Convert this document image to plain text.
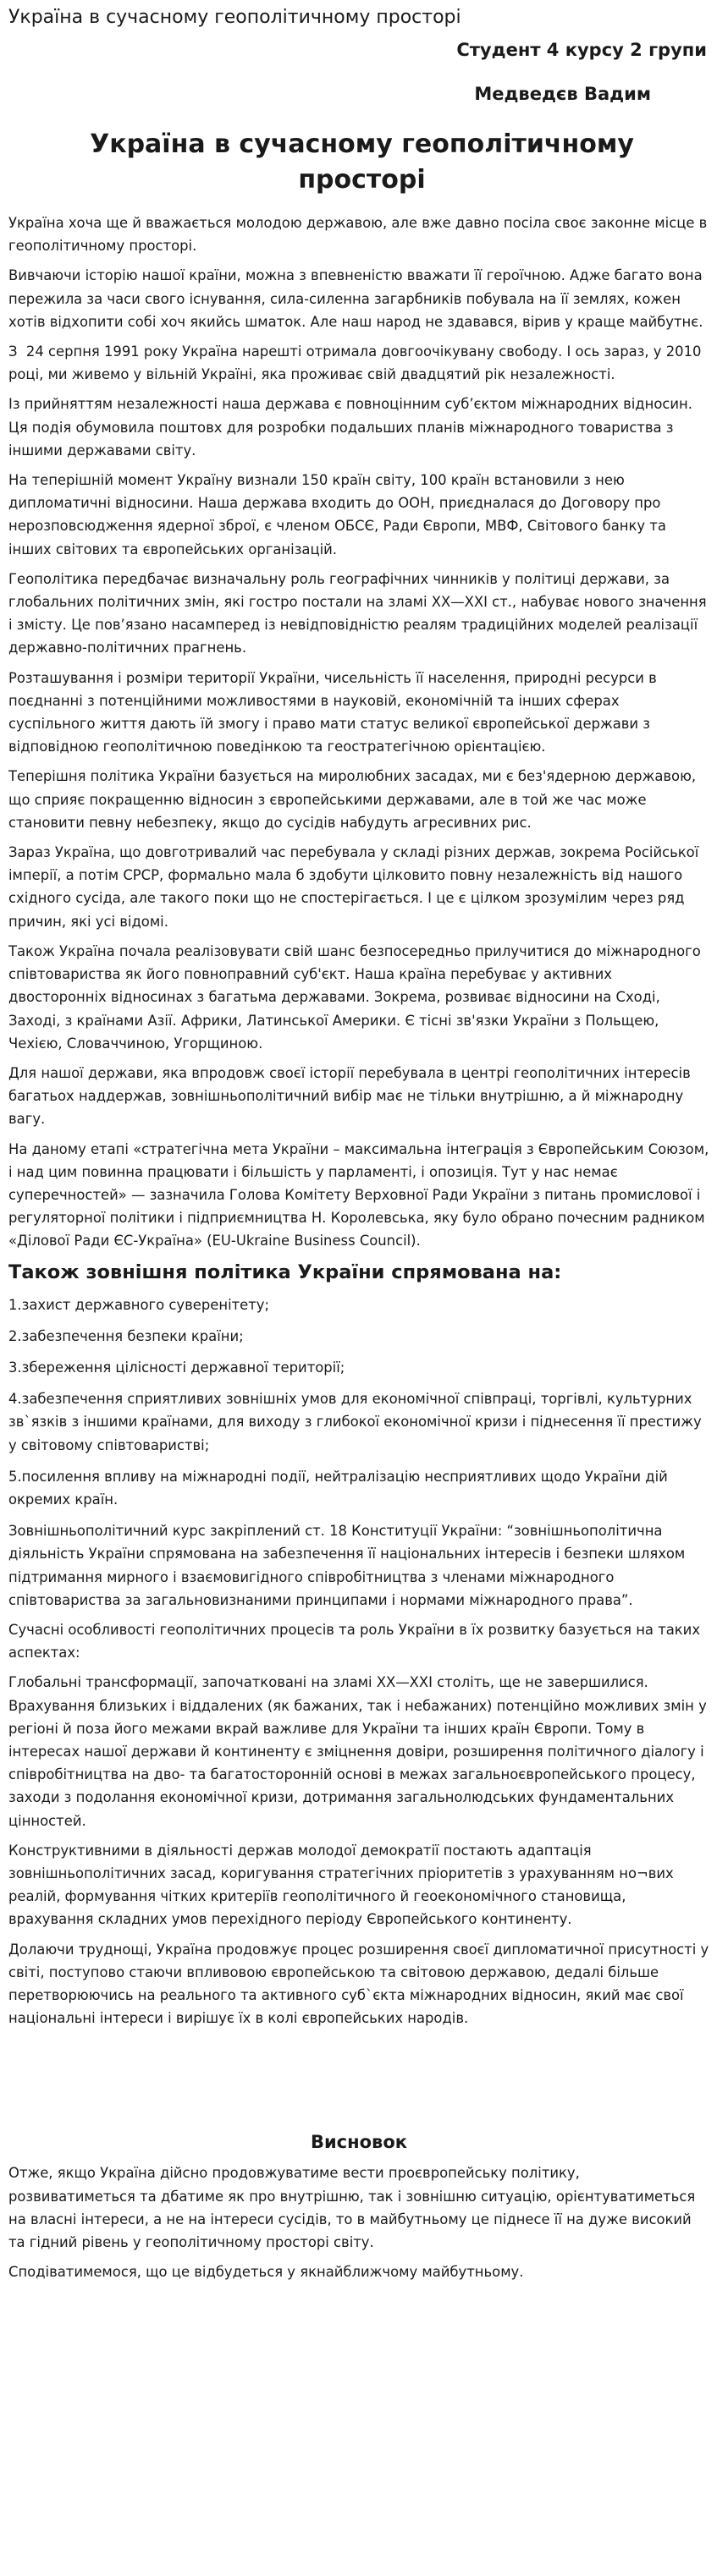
Україна в сучасному геополітичному просторі
Студент 4 курсу 2 групи
Медведєв Вадим
Україна в сучасному геополітичному просторі

Україна хоча ще й вважається молодою державою, але вже давно посіла своє законне місце в геополітичному просторі.

Вивчаючи історію нашої країни, можна з впевненістю вважати її героїчною. Адже багато вона пережила за часи свого існування, сила-силенна загарбників побувала на її землях, кожен хотів відхопити собі хоч якийсь шматок. Але наш народ не здавався, вірив у краще майбутнє.

З  24 серпня 1991 року Україна нарешті отримала довгоочікувану свободу. І ось зараз, у 2010 році, ми живемо у вільній Україні, яка проживає свій двадцятий рік незалежності.

Із прийняттям незалежності наша держава є повноцінним суб’єктом міжнародних відносин. Ця подія обумовила поштовх для розробки подальших планів міжнародного товариства з іншими державами світу.

На теперішній момент Україну визнали 150 країн світу, 100 країн встановили з нею дипломатичні відносини. Наша держава входить до ООН, приєдналася до Договору про нерозповсюдження ядерної зброї, є членом ОБСЄ, Ради Європи, МВФ, Світового банку та інших світових та європейських організацій.

Геополітика передбачає визначальну роль географічних чинників у політиці держави, за глобальних політичних змін, які гостро постали на зламі XX—XXI ст., набуває нового значення і змісту. Це пов’язано насамперед із невідповідністю реалям традиційних моделей реалізації державно-політичних прагнень.

Розташування і розміри території України, чисельність її населення, природні ресурси в поєднанні з потенційними можливостями в науковій, економічній та інших сферах суспільного життя дають їй змогу і право мати статус великої європейської держави з відповідною геополітичною поведінкою та геостратегічною орієнтацією.

Теперішня політика України базується на миролюбних засадах, ми є без'ядерною державою, що сприяє покращенню відносин з європейськими державами, але в той же час може становити певну небезпеку, якщо до сусідів набудуть агресивних рис.

Зараз Україна, що довготривалий час перебувала у складі різних держав, зокрема Російської імперії, а потім СРСР, формально мала б здобути цілковито повну незалежність від нашого східного сусіда, але такого поки що не спостерігається. І це є цілком зрозумілим через ряд причин, які усі відомі.

Також Україна почала реалізовувати свій шанс безпосередньо прилучитися до міжнародного співтовариства як його повноправний суб'єкт. Наша країна перебуває у активних двосторонніх відносинах з багатьма державами. Зокрема, розвиває відносини на Сході, Заході, з країнами Азії. Африки, Латинської Америки. Є тісні зв'язки України з Польщею, Чехією, Словаччиною, Угорщиною.

Для нашої держави, яка впродовж своєї історії перебувала в центрі геополітичних інтересів багатьох наддержав, зовнішньополітичний вибір має не тільки внутрішню, а й міжнародну вагу.

На даному етапі «стратегічна мета України – максимальна інтеграція з Європейським Союзом, і над цим повинна працювати і більшість у парламенті, і опозиція. Тут у нас немає суперечностей» — зазначила Голова Комітету Верховної Ради України з питань промислової і регуляторної політики і підприємництва Н. Королевська, яку було обрано почесним радником «Ділової Ради ЄС-Україна» (EU-Ukraine Business Council).

Також зовнішня політика України спрямована на:

1.захист державного суверенітету;

2.забезпечення безпеки країни;

3.збереження цілісності державної території;

4.забезпечення сприятливих зовнішніх умов для економічної співпраці, торгівлі, культурних зв`язків з іншими країнами, для виходу з глибокої економічної кризи і піднесення її престижу у світовому співтоваристві;

5.посилення впливу на міжнародні події, нейтралізацію несприятливих щодо України дій окремих країн.

Зовнішньополітичний курс закріплений ст. 18 Конституції України: “зовнішньополітична діяльність України спрямована на забезпечення її національних інтересів і безпеки шляхом підтримання мирного і взаємовигідного співробітництва з членами міжнародного співтовариства за загальновизнаними принципами і нормами міжнародного права”.

Сучасні особливості геополітичних процесів та роль України в їх розвитку базується на таких аспектах:

Глобальні трансформації, започатковані на зламі XX—XXI століть, ще не завершилися. Врахування близьких і віддалених (як бажаних, так і небажаних) потенційно можливих змін у регіоні й поза його межами вкрай важливе для України та інших країн Європи. Тому в інтересах нашої держави й континенту є зміцнення довіри, розширення політичного діалогу і співробітництва на дво- та багатосторонній основі в межах загальноєвропейського процесу, заходи з подолання економічної кризи, дотримання загальнолюдських фундаментальних цінностей.

Конструктивними в діяльності держав молодої демократії постають адаптація зовнішньополітичних засад, коригування стратегічних пріоритетів з урахуванням но¬вих реалій, формування чітких критеріїв геополітичного й геоекономічного становища, врахування складних умов перехідного періоду Європейського континенту.

Долаючи труднощі, Україна продовжує процес розширення своєї дипломатичної присутності у світі, поступово стаючи впливовою європейською та світовою державою, дедалі більше перетворюючись на реального та активного суб`єкта міжнародних відносин, який має свої національні інтереси і вирішує їх в колі європейських народів.

Висновок

Отже, якщо Україна дійсно продовжуватиме вести проєвропейську політику, розвиватиметься та дбатиме як про внутрішню, так і зовнішню ситуацію, орієнтуватиметься на власні інтереси, а не на інтереси сусідів, то в майбутньому це піднесе її на дуже високий та гідний рівень у геополітичному просторі світу.

Сподіватимемося, що це відбудеться у якнайближчому майбутньому.
